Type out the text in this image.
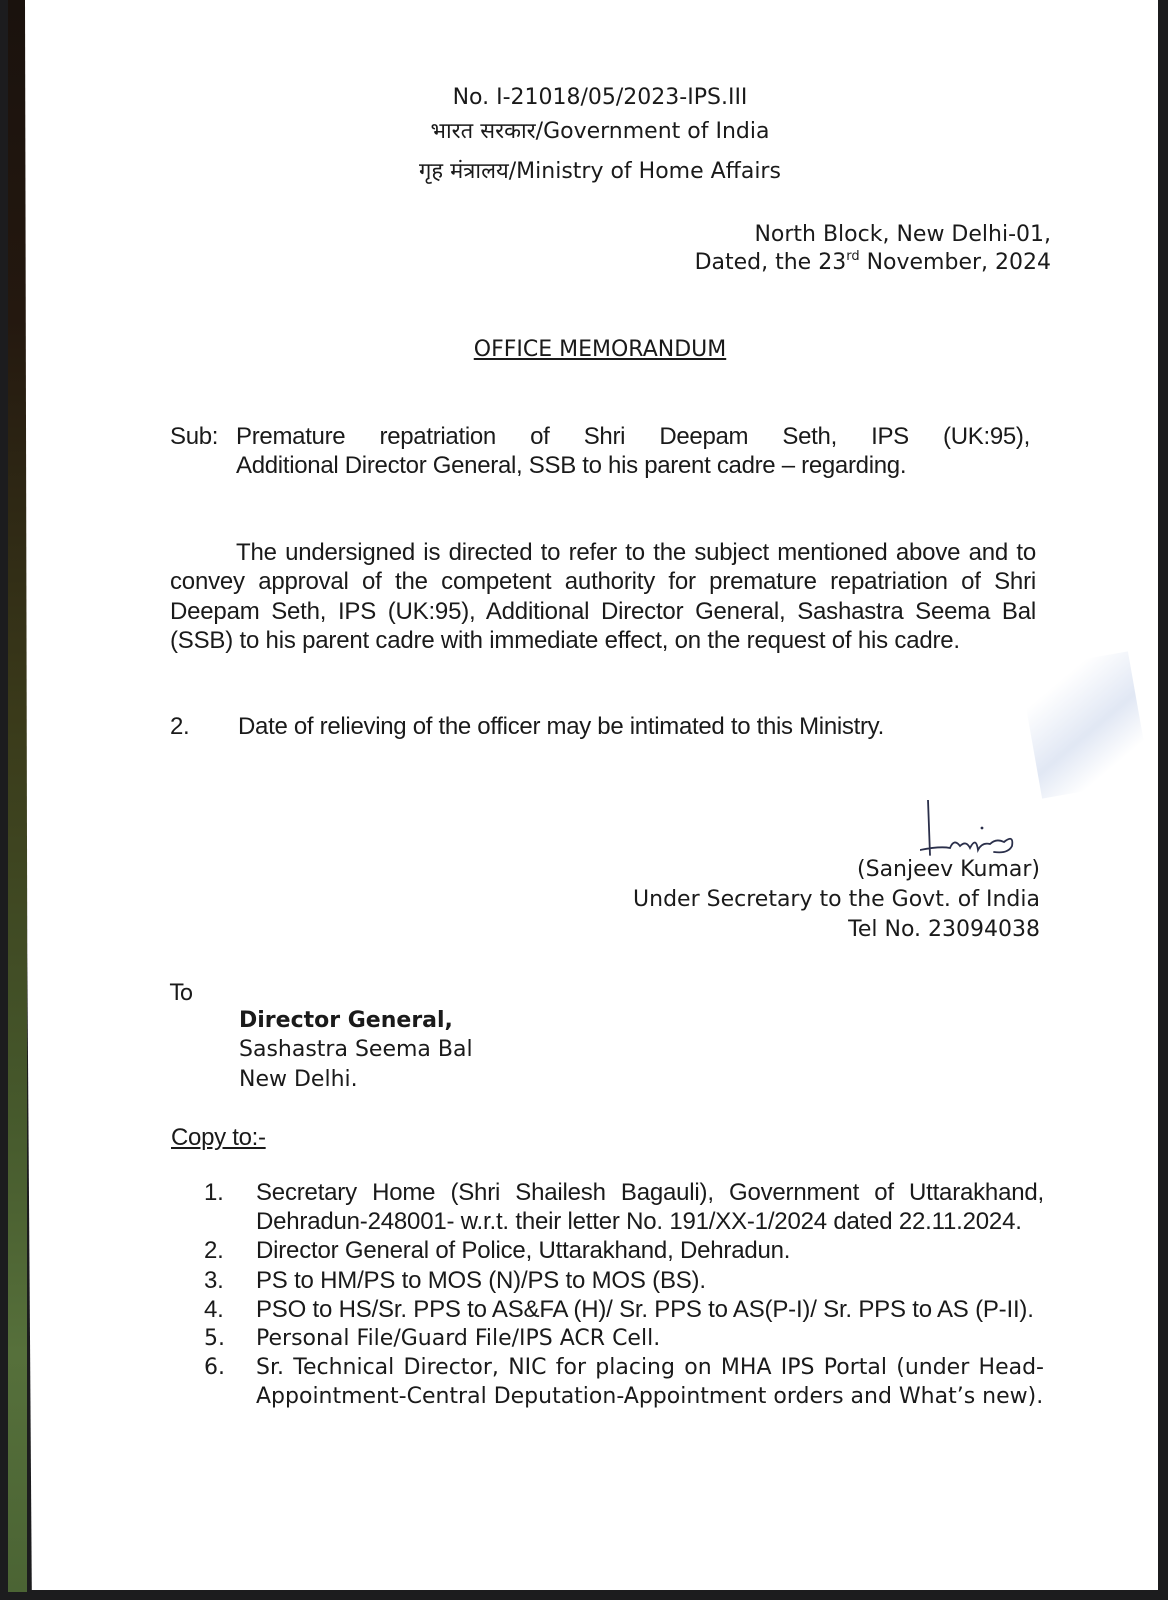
No. I-21018/05/2023-IPS.III
भारत सरकार/Government of India
गृह मंत्रालय/Ministry of Home Affairs
North Block, New Delhi-01,
Dated, the 23rd November, 2024
OFFICE MEMORANDUM
Sub: Premature repatriation of Shri Deepam Seth, IPS (UK:95),
Additional Director General, SSB to his parent cadre – regarding.
The undersigned is directed to refer to the subject mentioned above and to convey approval of the competent authority for premature repatriation of Shri Deepam Seth, IPS (UK:95), Additional Director General, Sashastra Seema Bal (SSB) to his parent cadre with immediate effect, on the request of his cadre.
2. Date of relieving of the officer may be intimated to this Ministry.
(Sanjeev Kumar)
Under Secretary to the Govt. of India
Tel No. 23094038
To
Director General,
Sashastra Seema Bal
New Delhi.
Copy to:-
1.	Secretary Home (Shri Shailesh Bagauli), Government of Uttarakhand, Dehradun-248001- w.r.t. their letter No. 191/XX-1/2024 dated 22.11.2024.
2.	Director General of Police, Uttarakhand, Dehradun.
3.	PS to HM/PS to MOS (N)/PS to MOS (BS).
4.	PSO to HS/Sr. PPS to AS&FA (H)/ Sr. PPS to AS(P-I)/ Sr. PPS to AS (P-II).
5.	Personal File/Guard File/IPS ACR Cell.
6.	Sr. Technical Director, NIC for placing on MHA IPS Portal (under Head-Appointment-Central Deputation-Appointment orders and What’s new).
